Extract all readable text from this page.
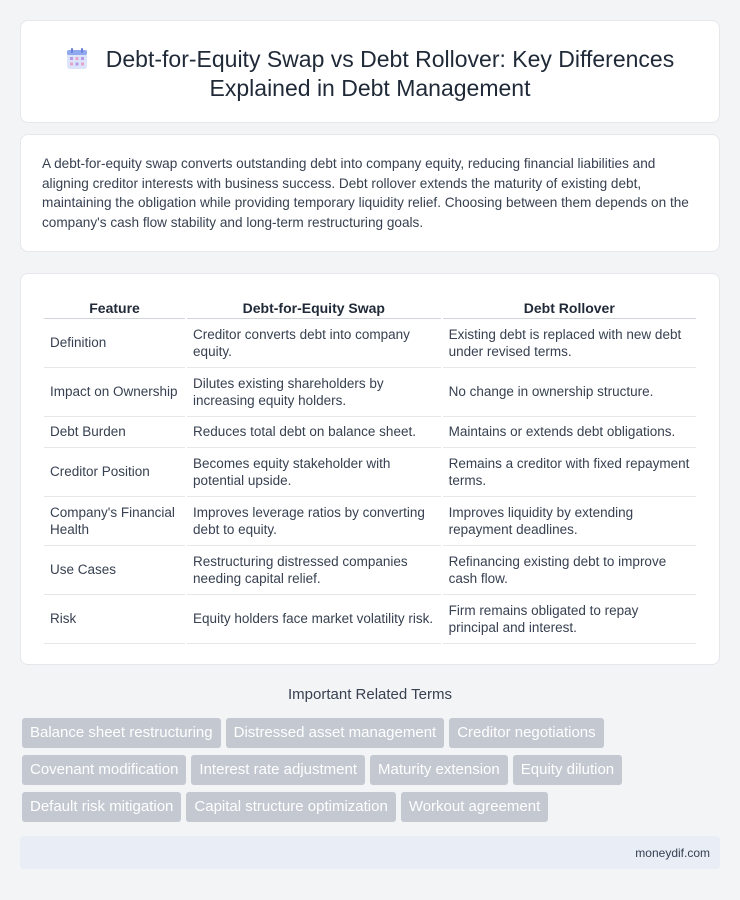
Debt-for-Equity Swap vs Debt Rollover: Key Differences Explained in Debt Management

A debt-for-equity swap converts outstanding debt into company equity, reducing financial liabilities and aligning creditor interests with business success. Debt rollover extends the maturity of existing debt, maintaining the obligation while providing temporary liquidity relief. Choosing between them depends on the company's cash flow stability and long-term restructuring goals.

Feature	Debt-for-Equity Swap	Debt Rollover
Definition	Creditor converts debt into company equity.	Existing debt is replaced with new debt under revised terms.
Impact on Ownership	Dilutes existing shareholders by increasing equity holders.	No change in ownership structure.
Debt Burden	Reduces total debt on balance sheet.	Maintains or extends debt obligations.
Creditor Position	Becomes equity stakeholder with potential upside.	Remains a creditor with fixed repayment terms.
Company's Financial Health	Improves leverage ratios by converting debt to equity.	Improves liquidity by extending repayment deadlines.
Use Cases	Restructuring distressed companies needing capital relief.	Refinancing existing debt to improve cash flow.
Risk	Equity holders face market volatility risk.	Firm remains obligated to repay principal and interest.
Important Related Terms
Balance sheet restructuring Distressed asset management Creditor negotiations
Covenant modification Interest rate adjustment Maturity extension Equity dilution
Default risk mitigation Capital structure optimization Workout agreement
moneydif.com
